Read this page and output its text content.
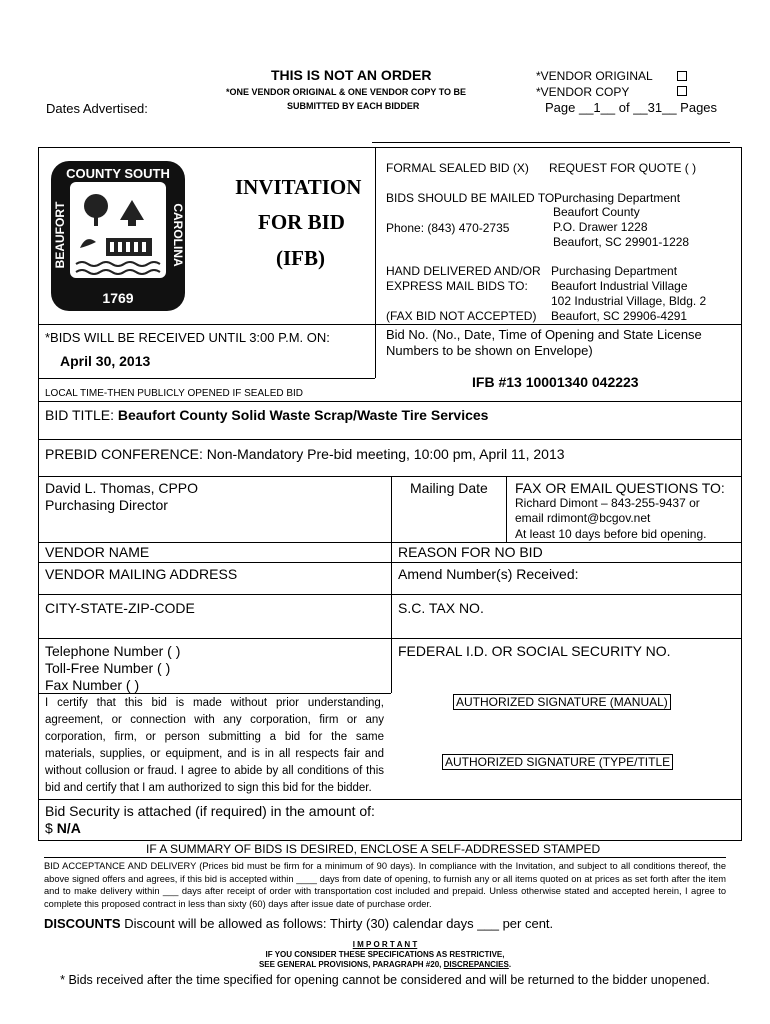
THIS IS NOT AN ORDER
*ONE VENDOR ORIGINAL & ONE VENDOR COPY TO BE
SUBMITTED BY EACH BIDDER
Dates Advertised:
*VENDOR ORIGINAL
*VENDOR COPY
Page __1__ of __31__ Pages
COUNTY SOUTH
BEAUFORT	CAROLINA
1769
INVITATION
FOR BID
(IFB)
FORMAL SEALED BID (X) REQUEST FOR QUOTE ( )
BIDS SHOULD BE MAILED TO:
Phone: (843) 470-2735
Purchasing Department
Beaufort County
P.O. Drawer 1228
Beaufort, SC 29901-1228
HAND DELIVERED AND/OR
EXPRESS MAIL BIDS TO:
(FAX BID NOT ACCEPTED)
Purchasing Department
Beaufort Industrial Village
102 Industrial Village, Bldg. 2
Beaufort, SC 29906-4291
Bid No. (No., Date, Time of Opening and State License
Numbers to be shown on Envelope)
IFB #13 10001340 042223
*BIDS WILL BE RECEIVED UNTIL 3:00 P.M. ON:
April 30, 2013
LOCAL TIME-THEN PUBLICLY OPENED IF SEALED BID
BID TITLE: Beaufort County Solid Waste Scrap/Waste Tire Services
PREBID CONFERENCE: Non-Mandatory Pre-bid meeting, 10:00 pm, April 11, 2013
David L. Thomas, CPPO
Purchasing Director
Mailing Date FAX OR EMAIL QUESTIONS TO:
Richard Dimont – 843-255-9437 or
email rdimont@bcgov.net
At least 10 days before bid opening.
VENDOR NAME	REASON FOR NO BID
VENDOR MAILING ADDRESS	Amend Number(s) Received:
CITY-STATE-ZIP-CODE	S.C. TAX NO.
Telephone Number ( )	FEDERAL I.D. OR SOCIAL SECURITY NO.
Toll-Free Number ( )
Fax Number ( )
I certify that this bid is made without prior understanding, agreement, or connection with any corporation, firm or any corporation, firm, or person submitting a bid for the same materials, supplies, or equipment, and is in all respects fair and without collusion or fraud. I agree to abide by all conditions of this bid and certify that I am authorized to sign this bid for the bidder.
AUTHORIZED SIGNATURE (MANUAL)
AUTHORIZED SIGNATURE (TYPE/TITLE
Bid Security is attached (if required) in the amount of:
$ N/A
IF A SUMMARY OF BIDS IS DESIRED, ENCLOSE A SELF-ADDRESSED STAMPED
BID ACCEPTANCE AND DELIVERY (Prices bid must be firm for a minimum of 90 days). In compliance with the Invitation, and subject to all conditions thereof, the above signed offers and agrees, if this bid is accepted within ____ days from date of opening, to furnish any or all items quoted on at prices as set forth after the item and to make delivery within ___ days after receipt of order with transportation cost included and prepaid. Unless otherwise stated and accepted herein, I agree to complete this proposed contract in less than sixty (60) days after issue date of purchase order.
DISCOUNTS Discount will be allowed as follows: Thirty (30) calendar days ___ per cent.
I M P O R T A N T
IF YOU CONSIDER THESE SPECIFICATIONS AS RESTRICTIVE,
SEE GENERAL PROVISIONS, PARAGRAPH #20, DISCREPANCIES.
* Bids received after the time specified for opening cannot be considered and will be returned to the bidder unopened.
